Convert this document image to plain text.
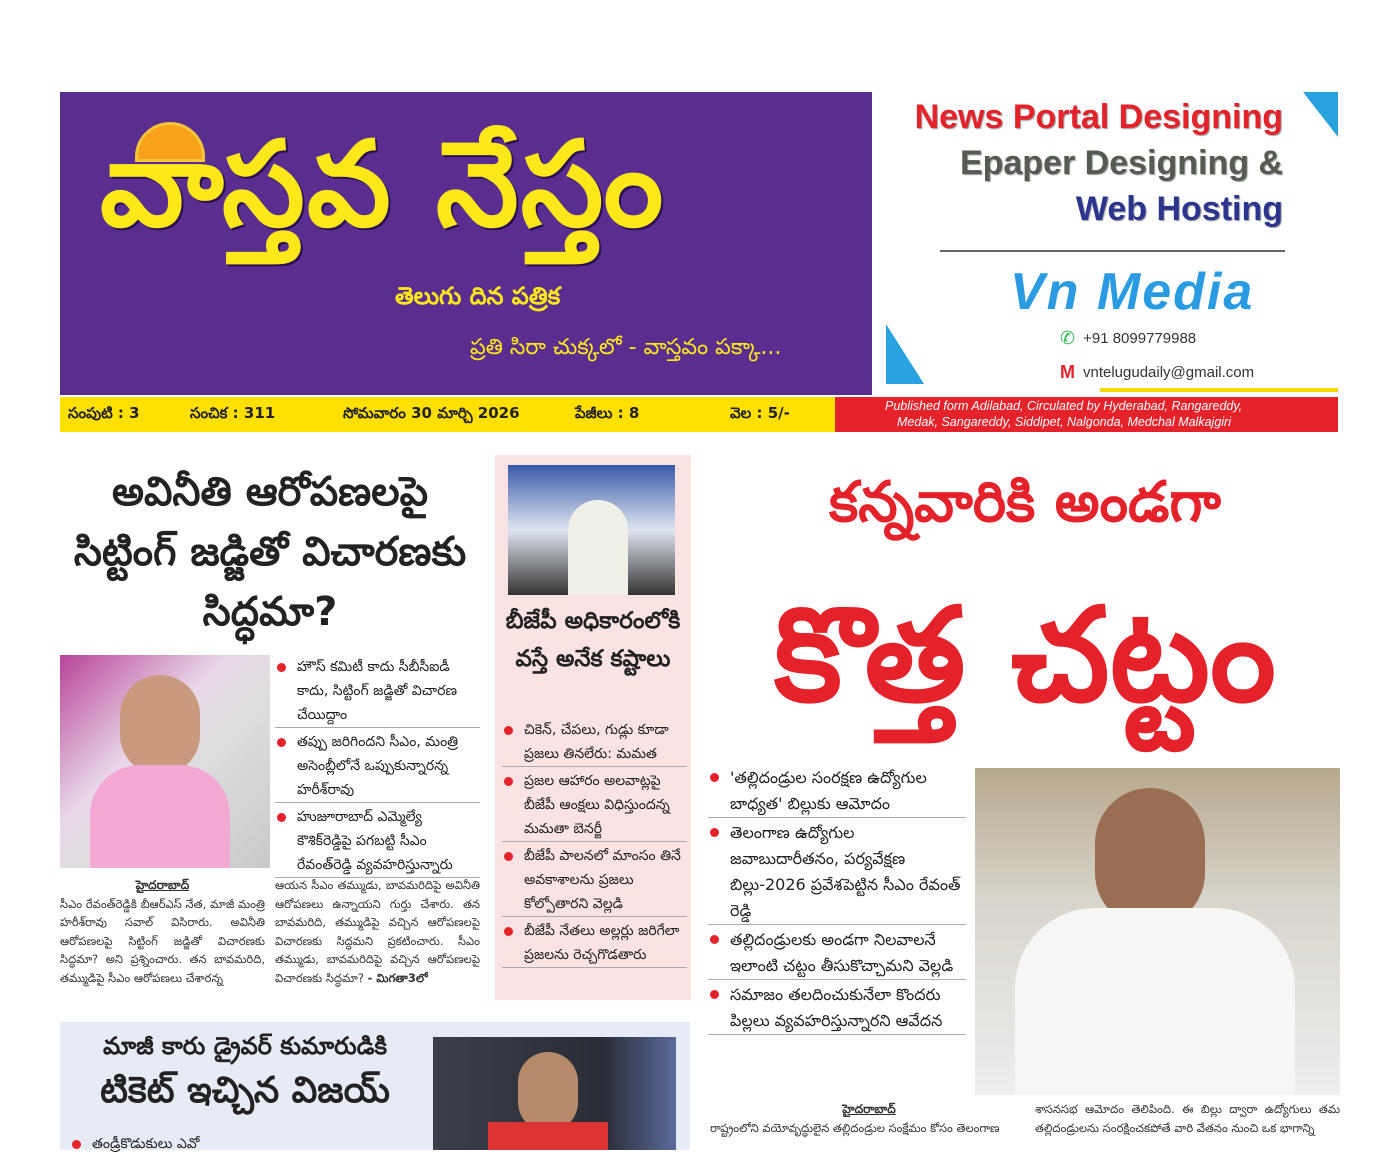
వాస్తవ నేస్తం
తెలుగు దిన పత్రిక
ప్రతి సిరా చుక్కలో - వాస్తవం పక్కా...
సంపుటి : 3	సంచిక : 311	సోమవారం 30 మార్చి 2026	పేజీలు : 8	వెల : 5/-	Published form Adilabad, Circulated by Hyderabad, Rangareddy,
Medak, Sangareddy, Siddipet, Nalgonda, Medchal Malkajgiri
News Portal Designing
Epaper Designing &
Web Hosting
Vn Media
✆ +91 8099779988
M vntelugudaily@gmail.com
అవినీతి ఆరోపణలపై సిట్టింగ్ జడ్జితో విచారణకు సిద్ధమా?
హౌస్ కమిటీ కాదు సీబీసీఐడీ కాదు, సిట్టింగ్ జడ్జితో విచారణ చేయిద్దాం
తప్పు జరిగిందని సీఎం, మంత్రి అసెంబ్లీలోనే ఒప్పుకున్నారన్న హరీశ్‌రావు
హుజూరాబాద్ ఎమ్మెల్యే కౌశిక్‌రెడ్డిపై పగబట్టి సీఎం రేవంత్‌రెడ్డి వ్యవహరిస్తున్నారు
హైదరాబాద్
సీఎం రేవంత్‌రెడ్డికి బీఆర్ఎస్ నేత, మాజీ మంత్రి హరీశ్‌రావు సవాల్ విసిరారు. అవినీతి ఆరోపణలపై సిట్టింగ్ జడ్జితో విచారణకు సిద్ధమా? అని ప్రశ్నించారు. తన బావమరిది, తమ్ముడిపై సీఎం ఆరోపణలు చేశారన్న
ఆయన సీఎం తమ్ముడు, బావమరిదిపై అవినీతి ఆరోపణలు ఉన్నాయని గుర్తు చేశారు. తన బావమరిది, తమ్ముడిపై వచ్చిన ఆరోపణలపై విచారణకు సిద్ధమని ప్రకటించారు. సీఎం తమ్ముడు, బావమరిదిపై వచ్చిన ఆరోపణలపై విచారణకు సిద్ధమా? - మిగతా3లో
బీజేపీ అధికారంలోకి వస్తే అనేక కష్టాలు
చికెన్, చేపలు, గుడ్లు కూడా ప్రజలు తినలేరు: మమత
ప్రజల ఆహారం అలవాట్లపై బీజేపీ ఆంక్షలు విధిస్తుందన్న మమతా బెనర్జీ
బీజేపీ పాలనలో మాంసం తినే అవకాశాలను ప్రజలు కోల్పోతారని వెల్లడి
బీజేపీ నేతలు అల్లర్లు జరిగేలా ప్రజలను రెచ్చగొడతారు
కన్నవారికి అండగా
కొత్త చట్టం
'తల్లిదండ్రుల సంరక్షణ ఉద్యోగుల బాధ్యత' బిల్లుకు ఆమోదం
తెలంగాణ ఉద్యోగుల జవాబుదారీతనం, పర్యవేక్షణ బిల్లు-2026 ప్రవేశపెట్టిన సీఎం రేవంత్ రెడ్డి
తల్లిదండ్రులకు అండగా నిలవాలనే ఇలాంటి చట్టం తీసుకొచ్చామని వెల్లడి
సమాజం తలదించుకునేలా కొందరు పిల్లలు వ్యవహరిస్తున్నారని ఆవేదన
హైదరాబాద్
రాష్ట్రంలోని వయోవృద్ధులైన తల్లిదండ్రుల సంక్షేమం కోసం తెలంగాణ
శాసనసభ ఆమోదం తెలిపింది. ఈ బిల్లు ద్వారా ఉద్యోగులు తమ తల్లిదండ్రులను సంరక్షించకపోతే వారి వేతనం నుంచి ఒక భాగాన్ని
మాజీ కారు డ్రైవర్ కుమారుడికి
టికెట్ ఇచ్చిన విజయ్
తండ్రీకొడుకులు ఎవో
